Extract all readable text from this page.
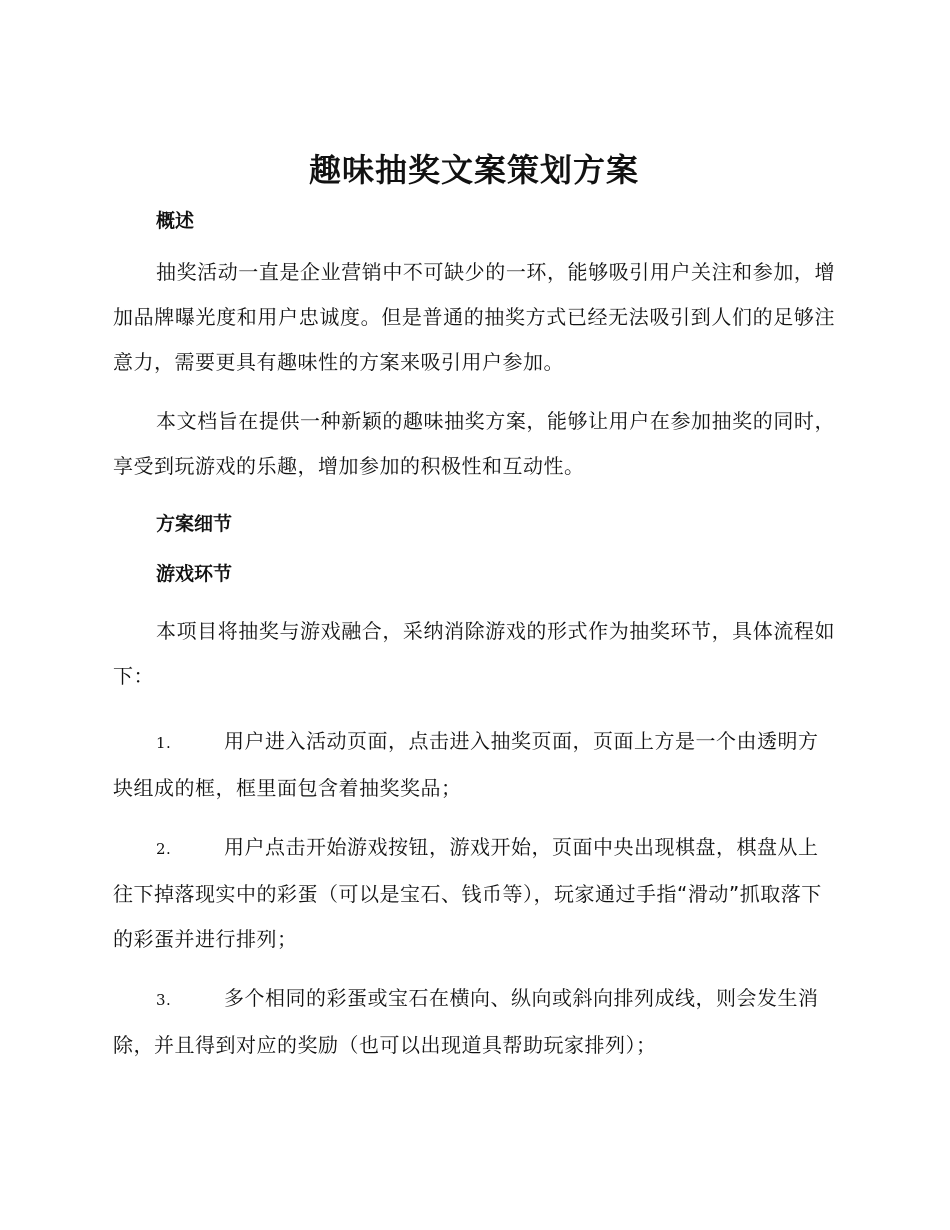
趣味抽奖文案策划方案
概述

抽奖活动一直是企业营销中不可缺少的一环，能够吸引用户关注和参加，增加品牌曝光度和用户忠诚度。但是普通的抽奖方式已经无法吸引到人们的足够注意力，需要更具有趣味性的方案来吸引用户参加。

本文档旨在提供一种新颖的趣味抽奖方案，能够让用户在参加抽奖的同时，享受到玩游戏的乐趣，增加参加的积极性和互动性。

方案细节
游戏环节

本项目将抽奖与游戏融合，采纳消除游戏的形式作为抽奖环节，具体流程如下：

1.	用户进入活动页面，点击进入抽奖页面，页面上方是一个由透明方块组成的框，框里面包含着抽奖奖品；

2.	用户点击开始游戏按钮，游戏开始，页面中央出现棋盘，棋盘从上往下掉落现实中的彩蛋（可以是宝石、钱币等），玩家通过手指“滑动”抓取落下的彩蛋并进行排列；

3.	多个相同的彩蛋或宝石在横向、纵向或斜向排列成线，则会发生消除，并且得到对应的奖励（也可以出现道具帮助玩家排列）；
